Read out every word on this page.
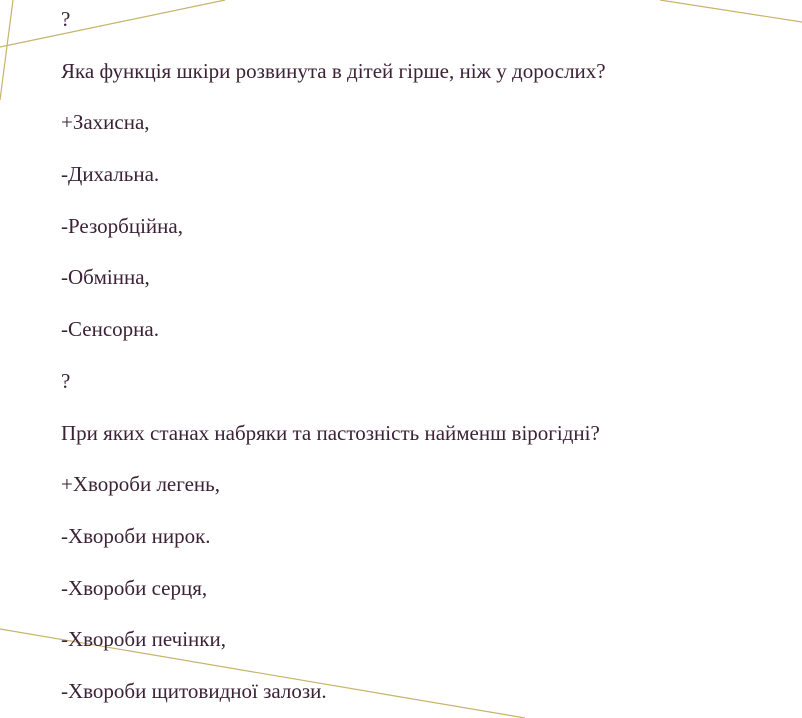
?

Яка функція шкіри розвинута в дітей гірше, ніж у дорослих?

+Захисна,

-Дихальна.

-Резорбційна,

-Обмінна,

-Сенсорна.

?

При яких станах набряки та пастозність найменш вірогідні?

+Хвороби легень,

-Хвороби нирок.

-Хвороби серця,

-Хвороби печінки,

-Хвороби щитовидної залози.
